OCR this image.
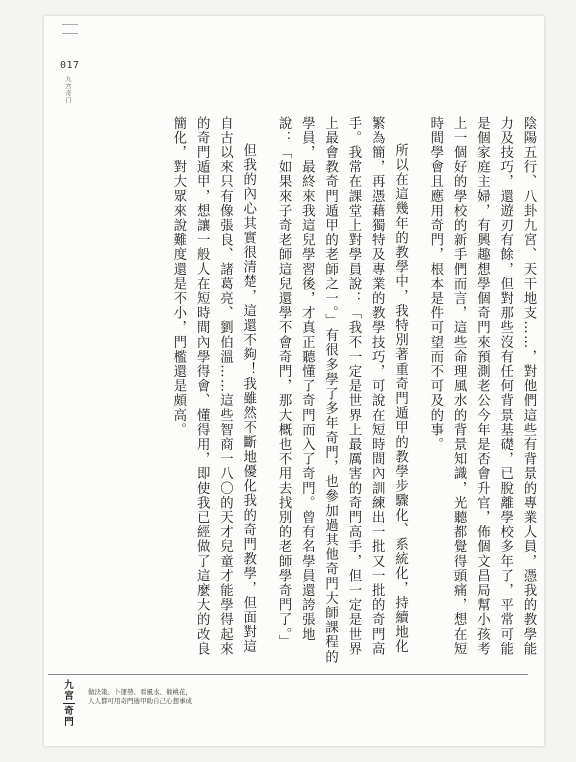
017
九宫奇门

陰陽五行、八卦九宮、天干地支……，對他們這些有背景的專業人員，憑我的教學能力及技巧，還遊刃有餘，但對那些沒有任何背景基礎，已脫離學校多年了，平常可能是個家庭主婦，有興趣想學個奇門來預測老公今年是否會升官，佈個文昌局幫小孩考上一個好的學校的新手們而言，這些命理風水的背景知識，光聽都覺得頭痛，想在短時間學會且應用奇門，根本是件可望而不可及的事。

所以在這幾年的教學中，我特別著重奇門遁甲的教學步驟化、系統化，持續地化繁為簡，再憑藉獨特及專業的教學技巧，可說在短時間內訓練出一批又一批的奇門高手。我常在課堂上對學員說：「我不一定是世界上最厲害的奇門高手，但一定是世界上最會教奇門遁甲的老師之一。」有很多學了多年奇門，也參加過其他奇門大師課程的學員，最終來我這兒學習後，才真正聽懂了奇門而入了奇門。曾有名學員還誇張地說：「如果來子奇老師這兒還學不會奇門，那大概也不用去找別的老師學奇門了。」

但我的內心其實很清楚，這還不夠！我雖然不斷地優化我的奇門教學，但面對這自古以來只有像張良、諸葛亮、劉伯溫……這些智商一八〇的天才兒童才能學得起來的奇門遁甲，想讓一般人在短時間內學得會、懂得用，即使我已經做了這麼大的改良簡化，對大眾來說難度還是不小，門檻還是頗高。

九宮
奇門
做決策、卜運勢、看風水、催桃花，
人人都可用奇門遁甲助自己心想事成
